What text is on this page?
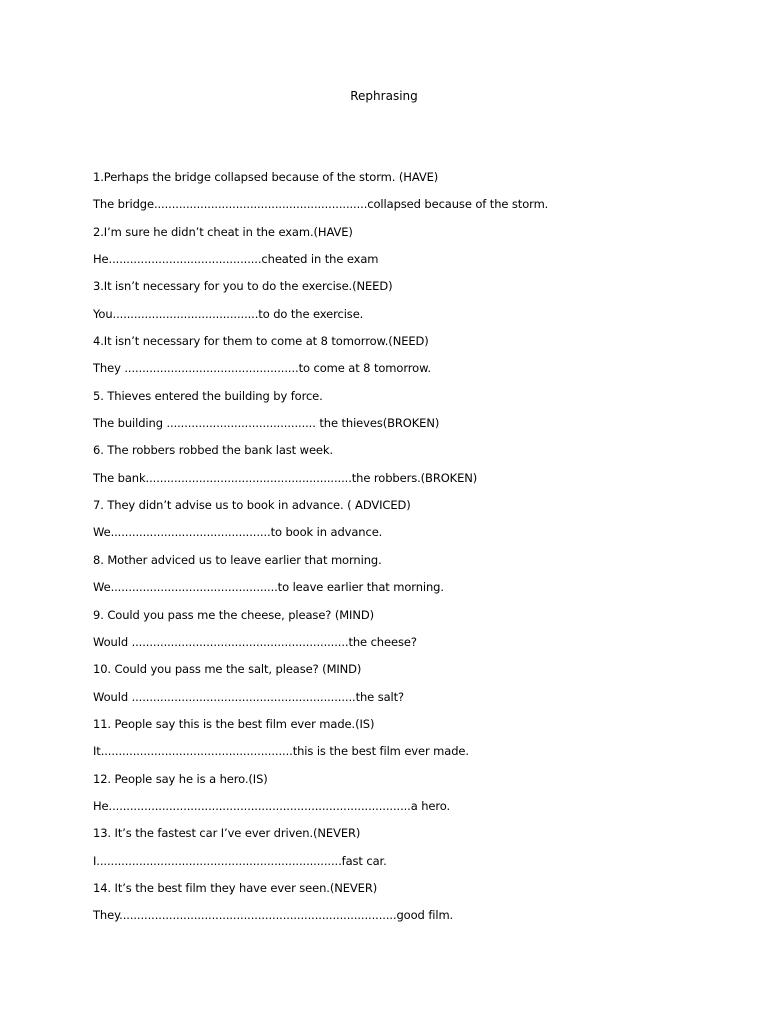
Rephrasing
1.Perhaps the bridge collapsed because of the storm. (HAVE)
The bridge............................................................collapsed because of the storm.
2.I’m sure he didn’t cheat in the exam.(HAVE)
He...........................................cheated in the exam
3.It isn’t necessary for you to do the exercise.(NEED)
You.........................................to do the exercise.
4.It isn’t necessary for them to come at 8 tomorrow.(NEED)
They .................................................to come at 8 tomorrow.
5. Thieves entered the building by force.
The building .......................................... the thieves(BROKEN)
6. The robbers robbed the bank last week.
The bank..........................................................the robbers.(BROKEN)
7. They didn’t advise us to book in advance. ( ADVICED)
We.............................................to book in advance.
8. Mother adviced us to leave earlier that morning.
We...............................................to leave earlier that morning.
9. Could you pass me the cheese, please? (MIND)
Would .............................................................the cheese?
10. Could you pass me the salt, please? (MIND)
Would ...............................................................the salt?
11. People say this is the best film ever made.(IS)
It......................................................this is the best film ever made.
12. People say he is a hero.(IS)
He.....................................................................................a hero.
13. It’s the fastest car I’ve ever driven.(NEVER)
I.....................................................................fast car.
14. It’s the best film they have ever seen.(NEVER)
They..............................................................................good film.
